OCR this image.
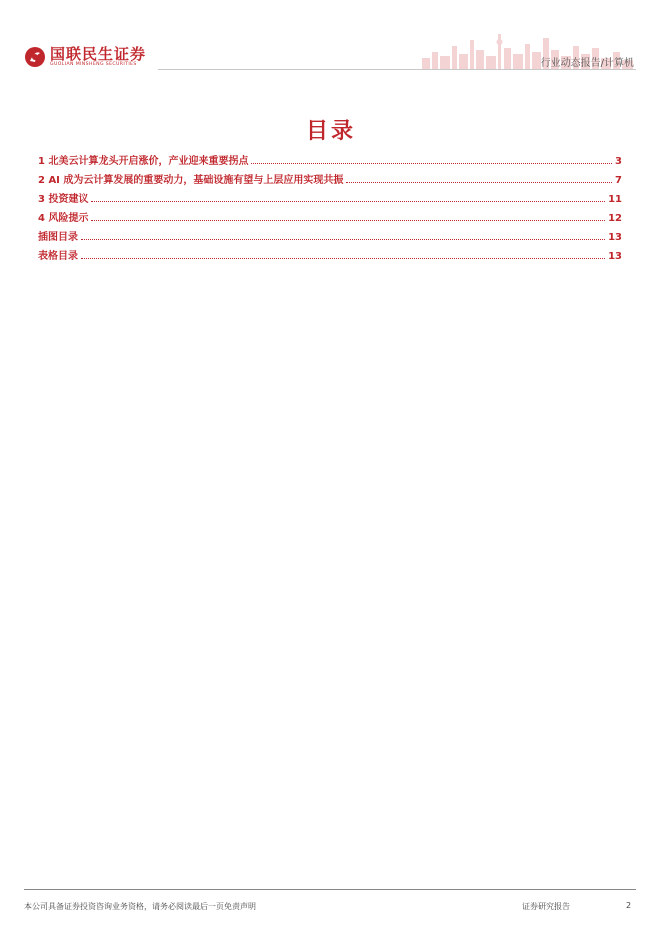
国联民生证券
GUOLIAN MINSHENG SECURITIES	行业动态报告/计算机
目录
1 北美云计算龙头开启涨价，产业迎来重要拐点	3
2 AI 成为云计算发展的重要动力，基础设施有望与上层应用实现共振	7
3 投资建议	11
4 风险提示	12
插图目录	13
表格目录	13
本公司具备证券投资咨询业务资格，请务必阅读最后一页免责声明	证券研究报告	2
